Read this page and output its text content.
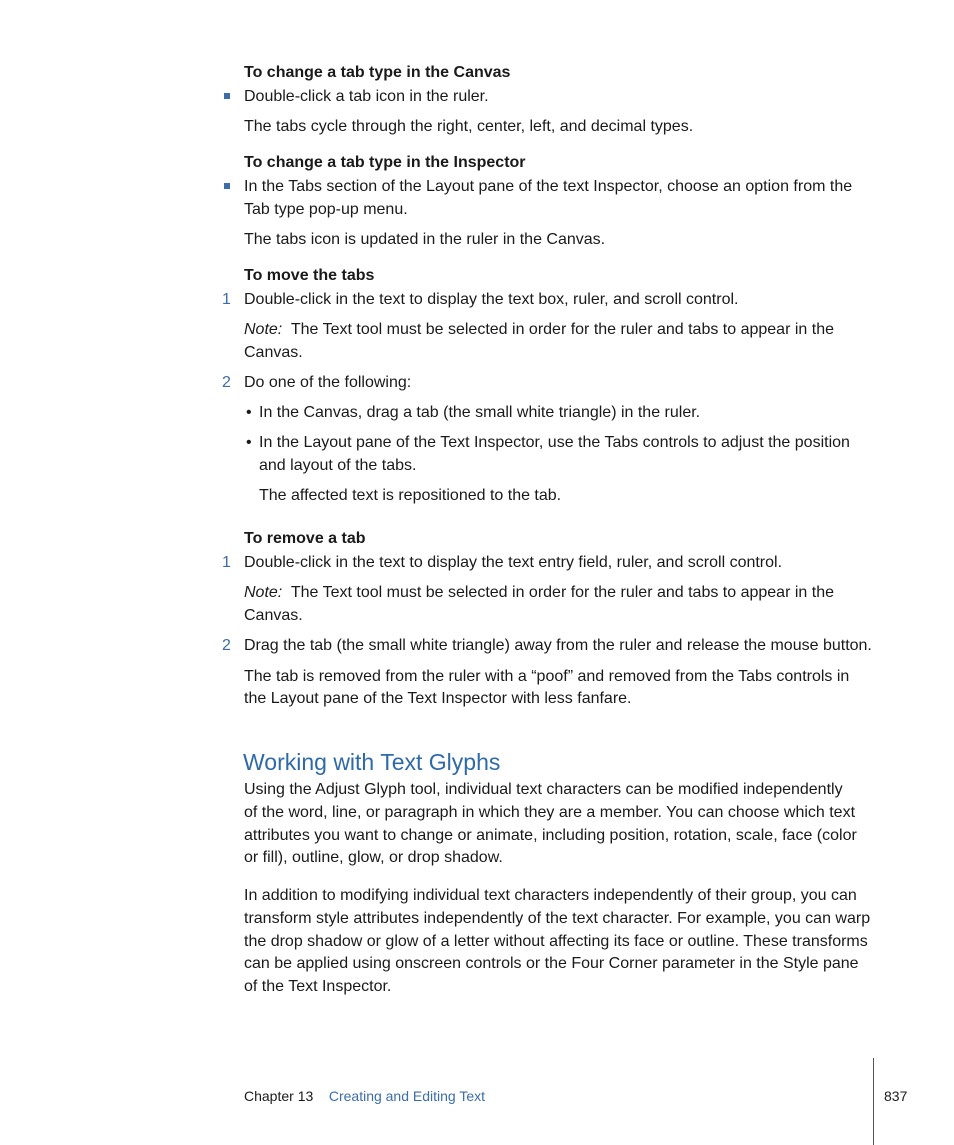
To change a tab type in the Canvas
Double-click a tab icon in the ruler.
The tabs cycle through the right, center, left, and decimal types.
To change a tab type in the Inspector
In the Tabs section of the Layout pane of the text Inspector, choose an option from the
Tab type pop-up menu.
The tabs icon is updated in the ruler in the Canvas.
To move the tabs
1 Double-click in the text to display the text box, ruler, and scroll control.
Note: The Text tool must be selected in order for the ruler and tabs to appear in the
Canvas.
2 Do one of the following:
• In the Canvas, drag a tab (the small white triangle) in the ruler.
• In the Layout pane of the Text Inspector, use the Tabs controls to adjust the position
and layout of the tabs.
The affected text is repositioned to the tab.
To remove a tab
1 Double-click in the text to display the text entry field, ruler, and scroll control.
Note: The Text tool must be selected in order for the ruler and tabs to appear in the
Canvas.
2 Drag the tab (the small white triangle) away from the ruler and release the mouse button.
The tab is removed from the ruler with a “poof” and removed from the Tabs controls in
the Layout pane of the Text Inspector with less fanfare.
Working with Text Glyphs
Using the Adjust Glyph tool, individual text characters can be modified independently
of the word, line, or paragraph in which they are a member. You can choose which text
attributes you want to change or animate, including position, rotation, scale, face (color
or fill), outline, glow, or drop shadow.
In addition to modifying individual text characters independently of their group, you can
transform style attributes independently of the text character. For example, you can warp
the drop shadow or glow of a letter without affecting its face or outline. These transforms
can be applied using onscreen controls or the Four Corner parameter in the Style pane
of the Text Inspector.
Chapter 13 Creating and Editing Text	837
